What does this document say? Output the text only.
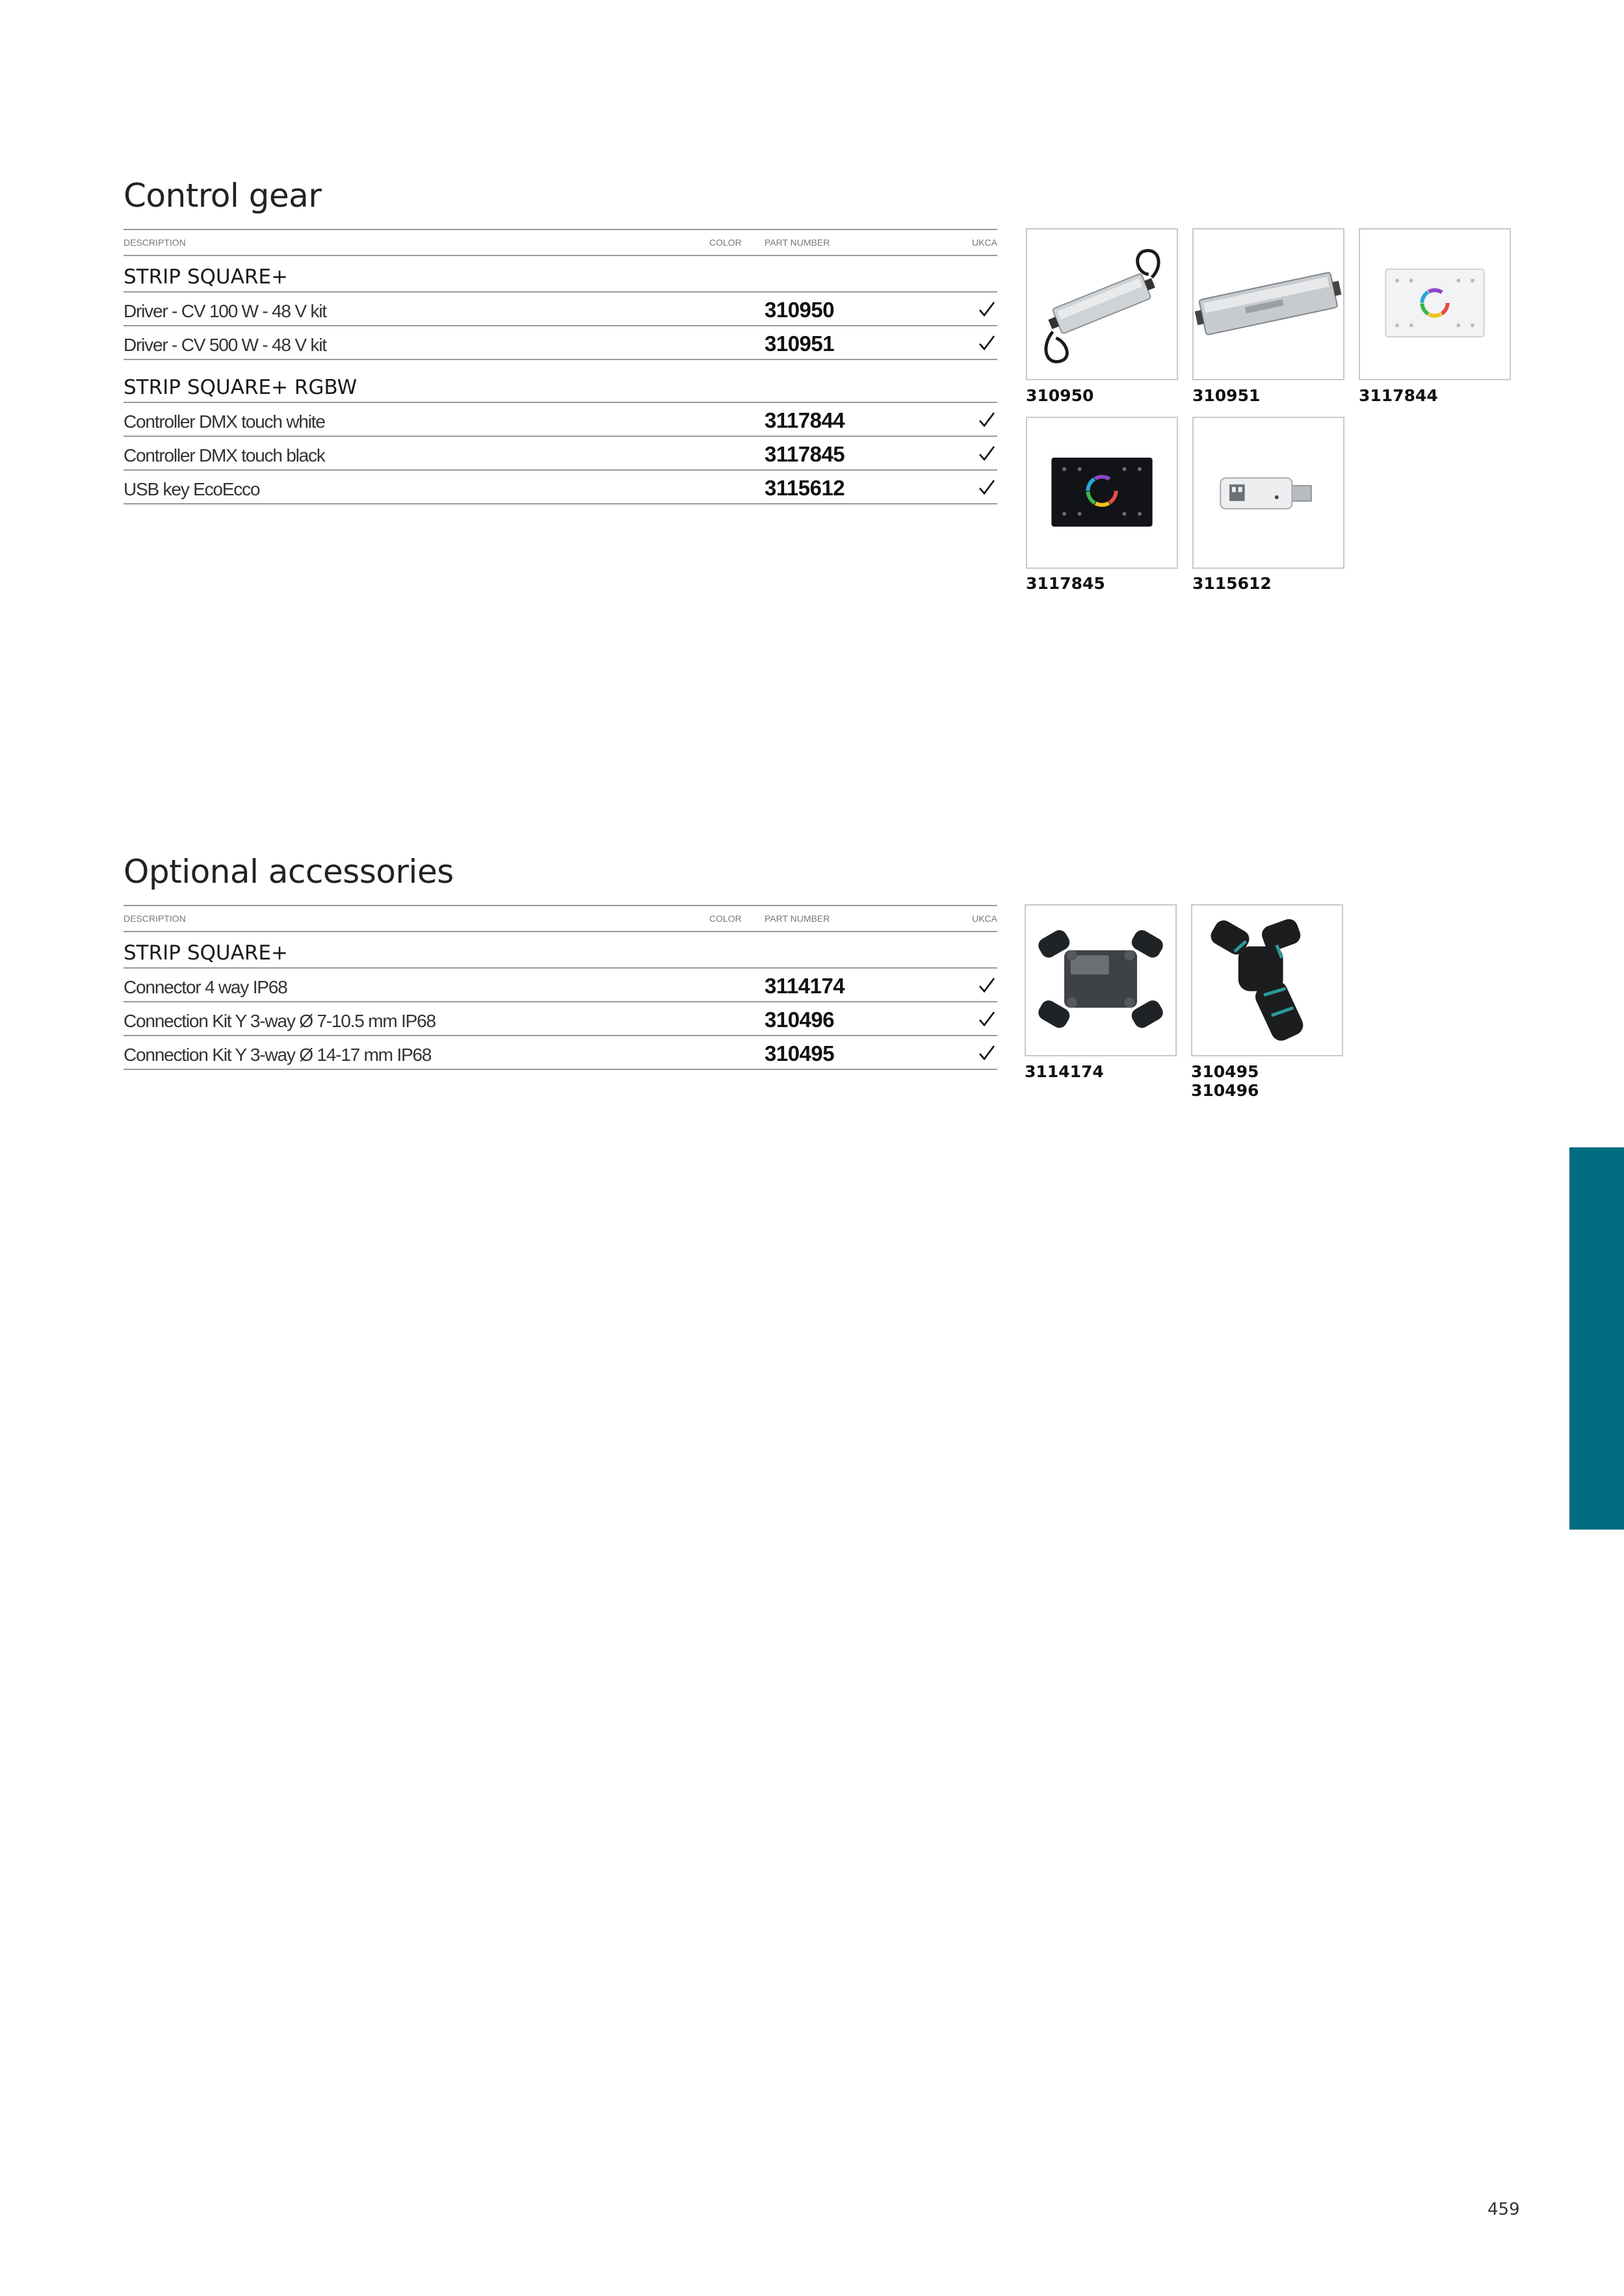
Control gear
DESCRIPTION	COLOR	PART NUMBER	UKCA
STRIP SQUARE+
Driver - CV 100 W - 48 V kit	310950
Driver - CV 500 W - 48 V kit	310951
STRIP SQUARE+ RGBW
Controller DMX touch white	3117844
Controller DMX touch black	3117845
USB key EcoEcco	3115612
310950	310951	3117844
3117845	3115612
Optional accessories
DESCRIPTION	COLOR	PART NUMBER	UKCA
STRIP SQUARE+
Connector 4 way IP68	3114174
Connection Kit Y 3-way Ø 7-10.5 mm IP68	310496
Connection Kit Y 3-way Ø 14-17 mm IP68	310495
3114174	310495
310496
459
